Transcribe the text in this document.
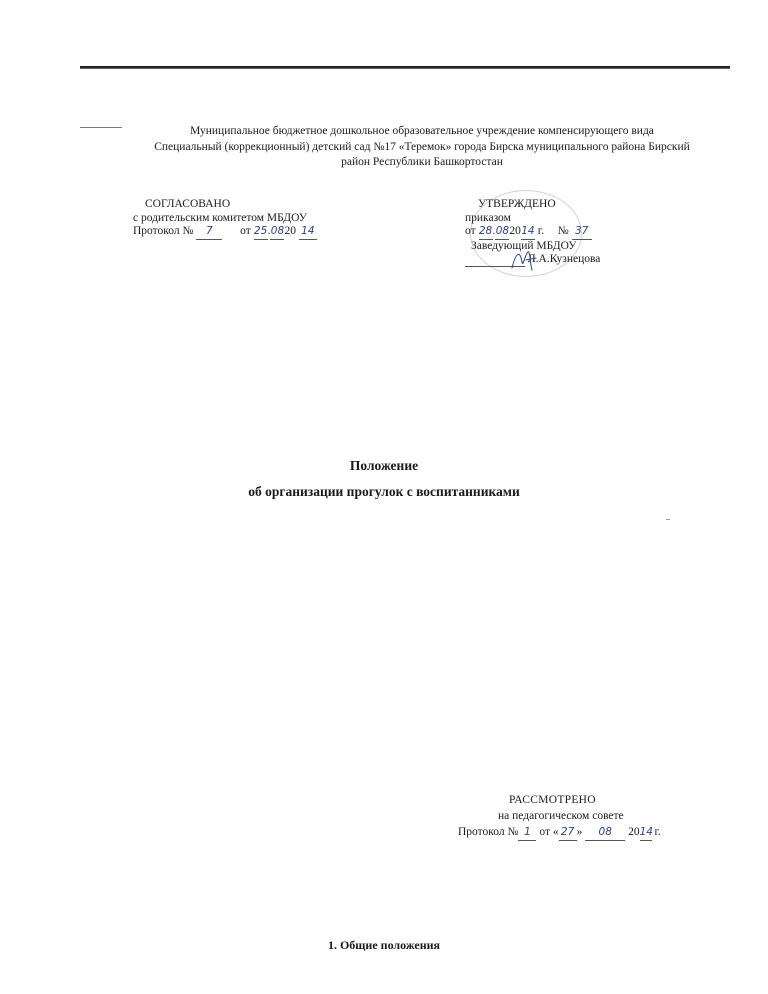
Муниципальное бюджетное дошкольное образовательное учреждение компенсирующего вида
Специальный (коррекционный) детский сад №17 «Теремок» города Бирска муниципального района Бирский
район Республики Башкортостан
СОГЛАСОВАНО
с родительским комитетом МБДОУ
Протокол № 7 от 25.0820 14
УТВЕРЖДЕНО
приказом
от 28.082014 г. № 37
Заведующий МБДОУ
Л.А.Кузнецова
Положение
об организации прогулок с воспитанниками
РАССМОТРЕНО
на педагогическом совете
Протокол № 1 от « 27 » 08 2014 г.
1. Общие положения
